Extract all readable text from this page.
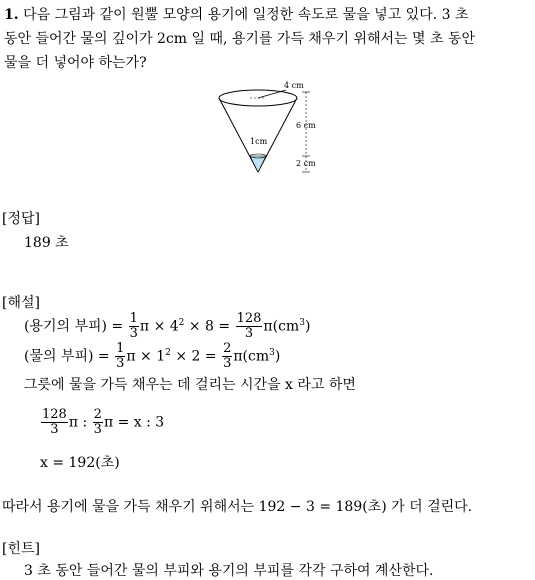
1. 다음 그림과 같이 원뿔 모양의 용기에 일정한 속도로 물을 넣고 있다. 3 초
동안 들어간 물의 깊이가 2cm 일 때, 용기를 가득 채우기 위해서는 몇 초 동안
물을 더 넣어야 하는가?
4 cm
6 cm
2 cm
1cm
[정답]
189 초
[해설]
(용기의 부피) = $\frac{1}{3}$ $\pi \times 4^2 \times 8 = \frac{128}{3} \pi(cm^3)$
(물의 부피) = $\frac{1}{3}$ $\pi \times 1^2 \times 2 = \frac{2}{3} \pi(cm^3)$
그릇에 물을 가득 채우는 데 걸리는 시간을 x 라고 하면
$\frac{128}{3}$ π : $\frac{2}{3}$ π = x : 3
x = 192(초)
따라서 용기에 물을 가득 채우기 위해서는 192 − 3 = 189(초) 가 더 걸린다.
[힌트]
3 초 동안 들어간 물의 부피와 용기의 부피를 각각 구하여 계산한다.
